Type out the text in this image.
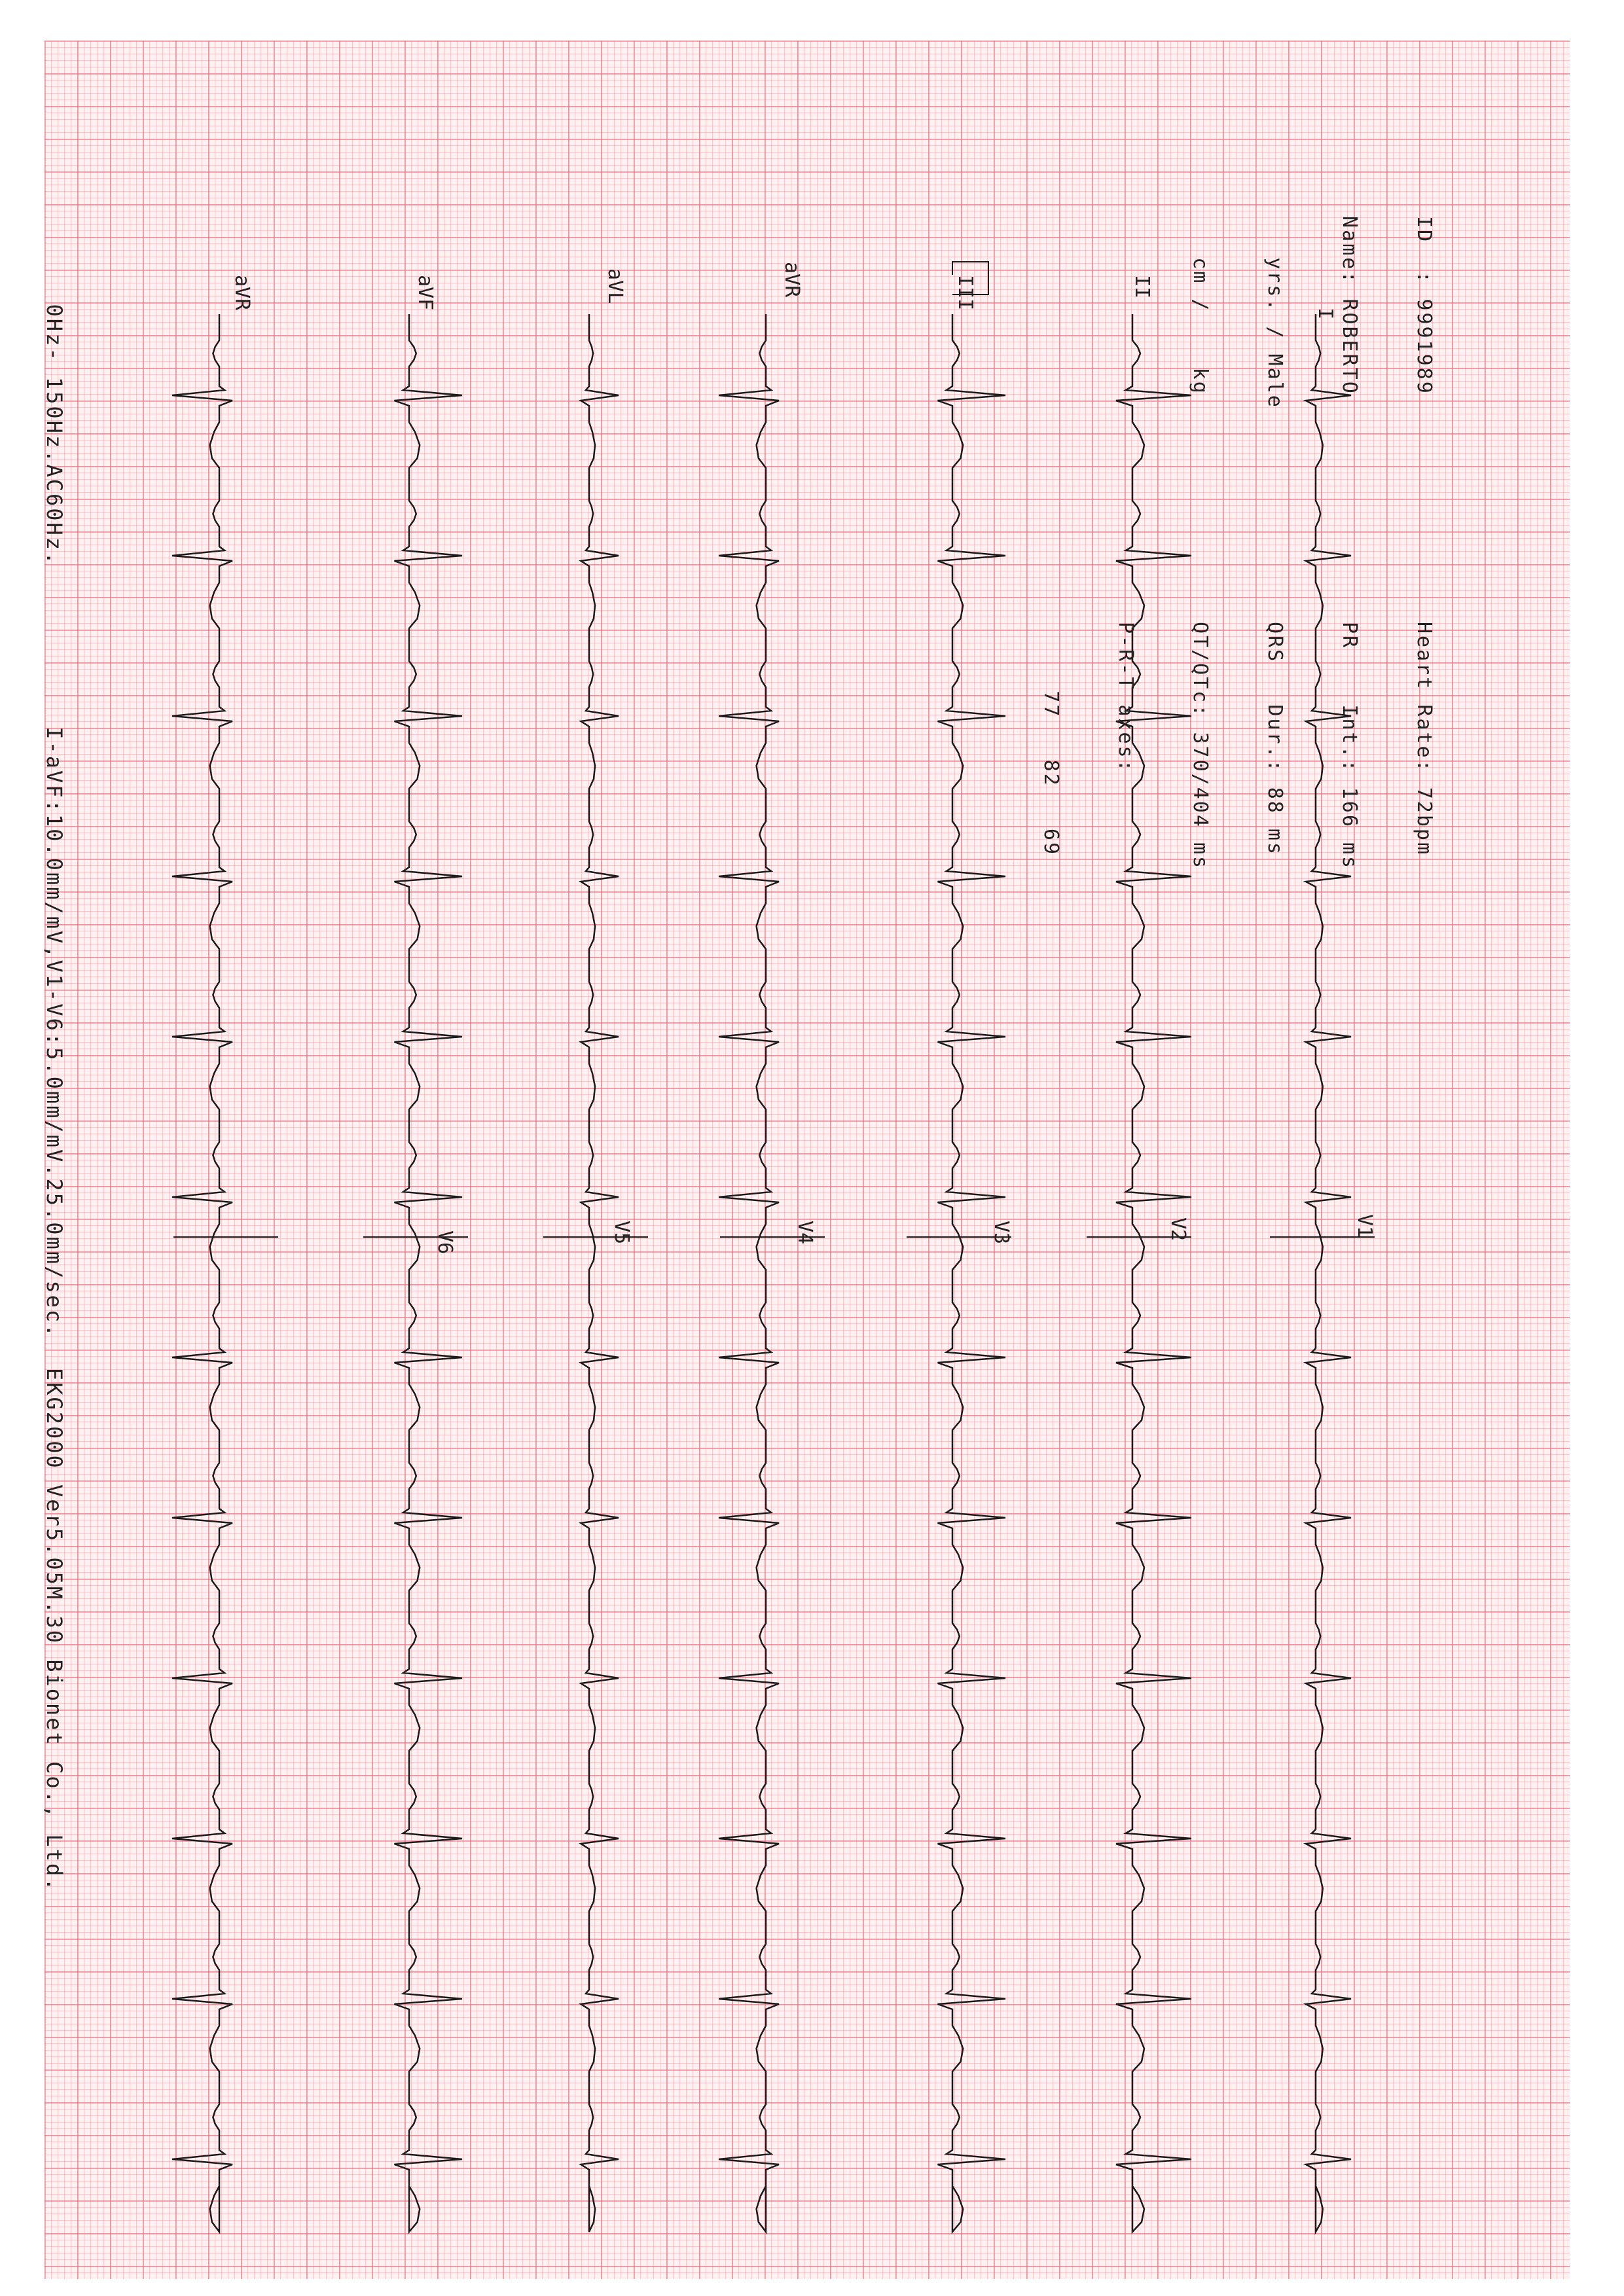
ID  : 9991989

Name: ROBERTO

yrs. / Male

cm /    kg

Heart Rate: 72bpm

PR    Int.: 166 ms

QRS   Dur.: 88 ms

QT/QTc: 370/404 ms

P-R-T axes:

77   82   69

I
II
III
aVR
aVL
aVF
aVR
V1
V2
V3
V4
V5
V6

0Hz- 150Hz.AC60Hz.           I-aVF:10.0mm/mV,V1-V6:5.0mm/mV.25.0mm/sec.  EKG2000 Ver5.05M.30 Bionet Co., Ltd.
